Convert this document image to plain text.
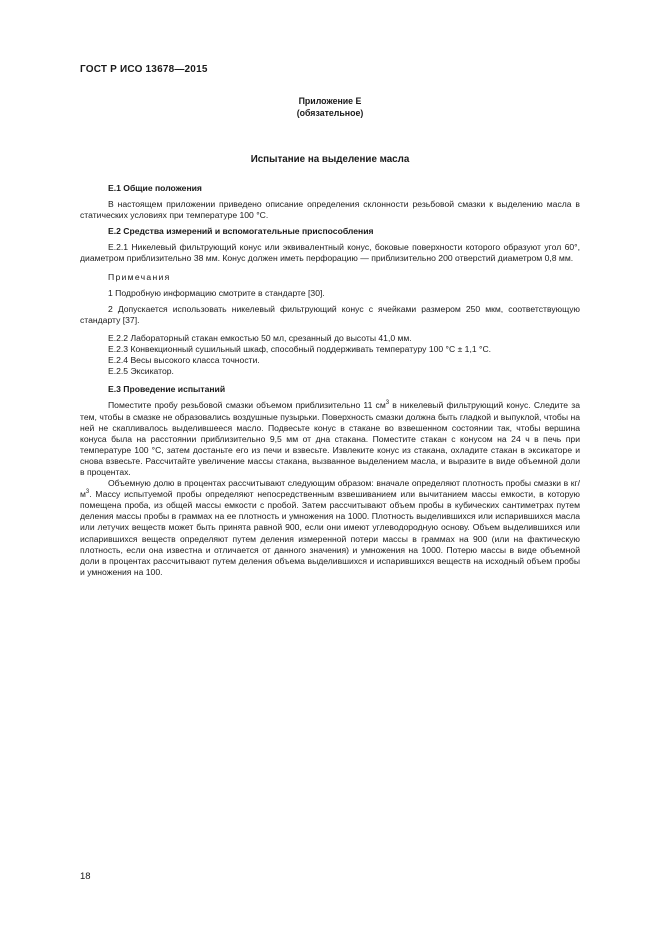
ГОСТ Р ИСО 13678—2015
Приложение Е
(обязательное)
Испытание на выделение масла

Е.1 Общие положения

В настоящем приложении приведено описание определения склонности резьбовой смазки к выделению масла в статических условиях при температуре 100 °С.

Е.2 Средства измерений и вспомогательные приспособления

Е.2.1 Никелевый фильтрующий конус или эквивалентный конус, боковые поверхности которого образуют угол 60°, диаметром приблизительно 38 мм. Конус должен иметь перфорацию — приблизительно 200 отверстий диаметром 0,8 мм.

Примечания

1 Подробную информацию смотрите в стандарте [30].

2 Допускается использовать никелевый фильтрующий конус с ячейками размером 250 мкм, соответствующую стандарту [37].

Е.2.2 Лабораторный стакан емкостью 50 мл, срезанный до высоты 41,0 мм.

Е.2.3 Конвекционный сушильный шкаф, способный поддерживать температуру 100 °С ± 1,1 °С.

Е.2.4 Весы высокого класса точности.

Е.2.5 Эксикатор.

Е.3 Проведение испытаний

Поместите пробу резьбовой смазки объемом приблизительно 11 $см^3$ в никелевый фильтрующий конус. Следите за тем, чтобы в смазке не образовались воздушные пузырьки. Поверхность смазки должна быть гладкой и выпуклой, чтобы на ней не скапливалось выделившееся масло. Подвесьте конус в стакане во взвешенном состоянии так, чтобы вершина конуса была на расстоянии приблизительно 9,5 мм от дна стакана. Поместите стакан с конусом на 24 ч в печь при температуре 100 °С, затем достаньте его из печи и взвесьте. Извлеките конус из стакана, охладите стакан в эксикаторе и снова взвесьте. Рассчитайте увеличение массы стакана, вызванное выделением масла, и выразите в виде объемной доли в процентах.

Объемную долю в процентах рассчитывают следующим образом: вначале определяют плотность пробы смазки в $кг/м^3$. Массу испытуемой пробы определяют непосредственным взвешиванием или вычитанием массы емкости, в которую помещена проба, из общей массы емкости с пробой. Затем рассчитывают объем пробы в кубических сантиметрах путем деления массы пробы в граммах на ее плотность и умножения на 1000. Плотность выделившихся или испарившихся масла или летучих веществ может быть принята равной 900, если они имеют углеводородную основу. Объем выделившихся или испарившихся веществ определяют путем деления измеренной потери массы в граммах на 900 (или на фактическую плотность, если она известна и отличается от данного значения) и умножения на 1000. Потерю массы в виде объемной доли в процентах рассчитывают путем деления объема выделившихся и испарившихся веществ на исходный объем пробы и умножения на 100.

18
